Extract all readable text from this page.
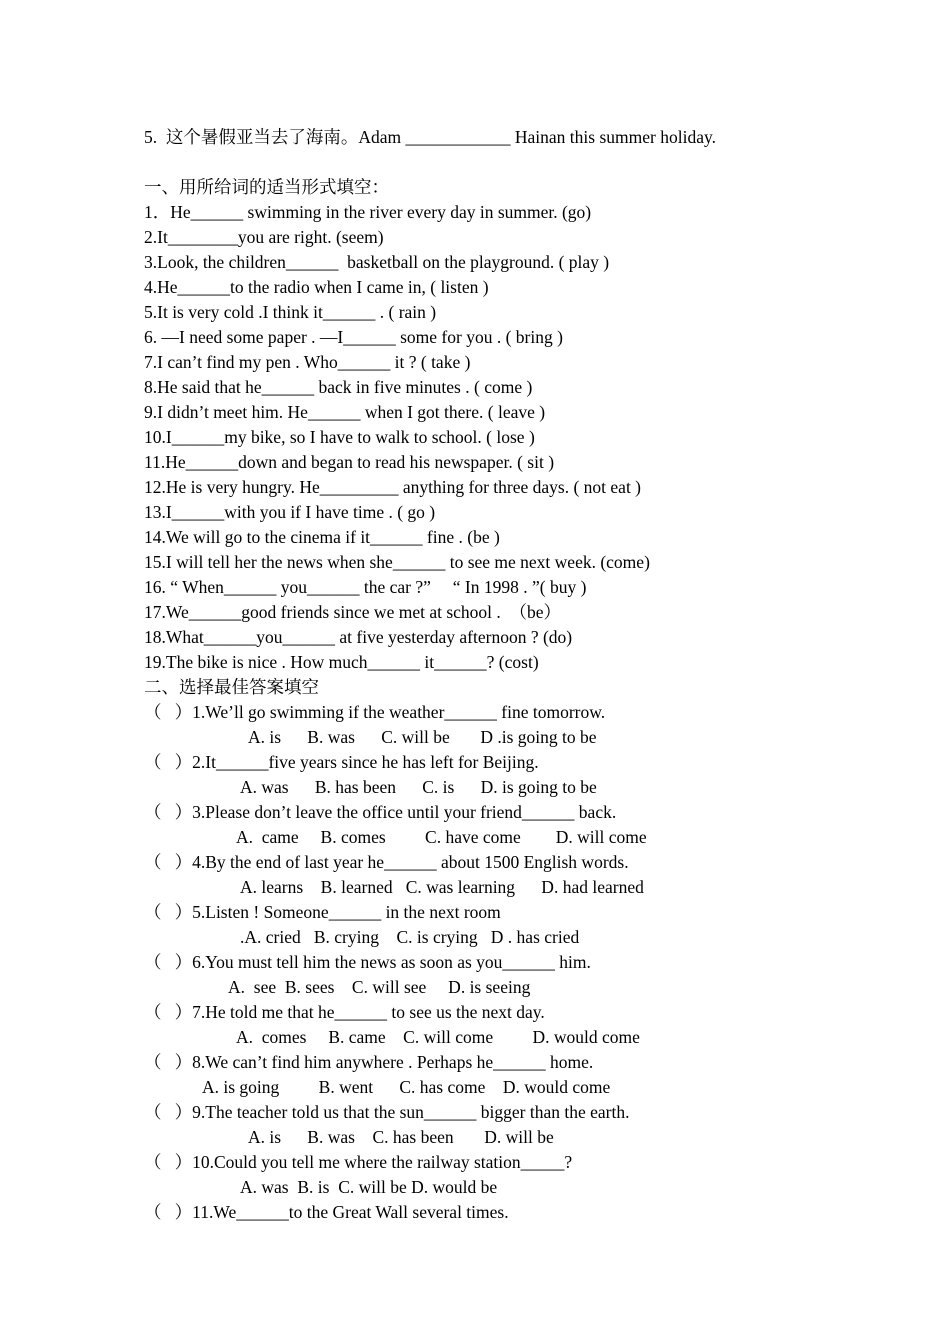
5.  这个暑假亚当去了海南。Adam ____________ Hainan this summer holiday.
一、用所给词的适当形式填空：
1．He______ swimming in the river every day in summer. (go)
2.It________you are right. (seem)
3.Look, the children______  basketball on the playground. ( play )
4.He______to the radio when I came in, ( listen )
5.It is very cold .I think it______ . ( rain )
6. —I need some paper . —I______ some for you . ( bring )
7.I can’t find my pen . Who______ it ? ( take )
8.He said that he______ back in five minutes . ( come )
9.I didn’t meet him. He______ when I got there. ( leave )
10.I______my bike, so I have to walk to school. ( lose )
11.He______down and began to read his newspaper. ( sit )
12.He is very hungry. He_________ anything for three days. ( not eat )
13.I______with you if I have time . ( go )
14.We will go to the cinema if it______ fine . (be )
15.I will tell her the news when she______ to see me next week. (come)
16. “ When______ you______ the car ?”     “ In 1998 . ”( buy )
17.We______good friends since we met at school .  （be）
18.What______you______ at five yesterday afternoon ? (do)
19.The bike is nice . How much______ it______? (cost)
二、选择最佳答案填空
（   ）1.We’ll go swimming if the weather______ fine tomorrow.
A. is      B. was      C. will be       D .is going to be
（   ）2.It______five years since he has left for Beijing.
A. was      B. has been      C. is      D. is going to be
（   ）3.Please don’t leave the office until your friend______ back.
A.  came     B. comes         C. have come        D. will come
（   ）4.By the end of last year he______ about 1500 English words.
A. learns    B. learned   C. was learning      D. had learned
（   ）5.Listen ! Someone______ in the next room
.A. cried   B. crying    C. is crying   D . has cried
（   ）6.You must tell him the news as soon as you______ him.
A.  see  B. sees    C. will see     D. is seeing
（   ）7.He told me that he______ to see us the next day.
A.  comes     B. came    C. will come         D. would come
（   ）8.We can’t find him anywhere . Perhaps he______ home.
A. is going         B. went      C. has come    D. would come
（   ）9.The teacher told us that the sun______ bigger than the earth.
A. is      B. was    C. has been       D. will be
（   ）10.Could you tell me where the railway station_____?
A. was  B. is  C. will be D. would be
（   ）11.We______to the Great Wall several times.
